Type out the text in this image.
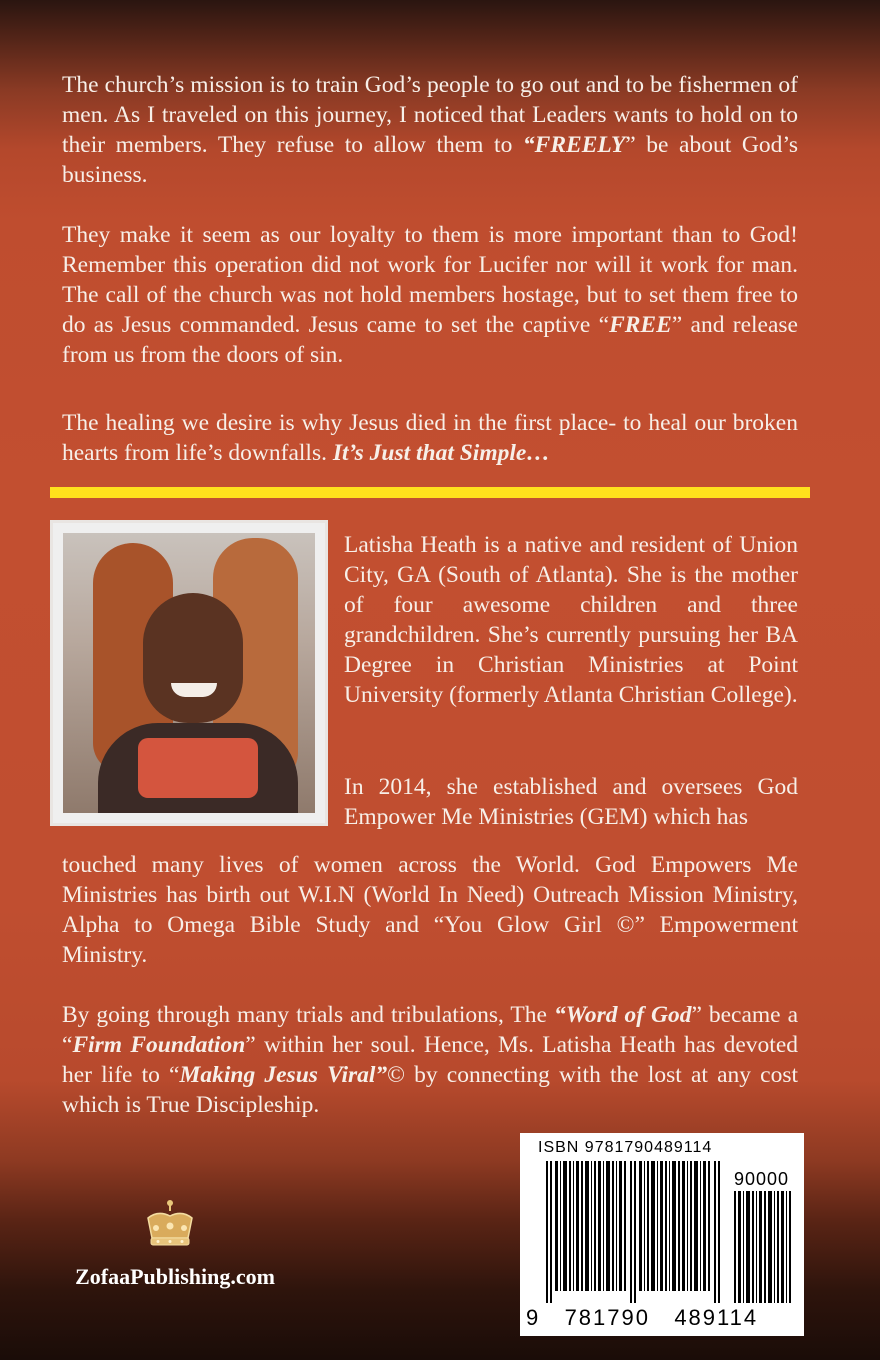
The church’s mission is to train God’s people to go out and to be fishermen of men. As I traveled on this journey, I noticed that Leaders wants to hold on to their members. They refuse to allow them to “FREELY” be about God’s business.

They make it seem as our loyalty to them is more important than to God! Remember this operation did not work for Lucifer nor will it work for man. The call of the church was not hold members hostage, but to set them free to do as Jesus commanded. Jesus came to set the captive “FREE” and release from us from the doors of sin.

The healing we desire is why Jesus died in the first place- to heal our broken hearts from life’s downfalls. It’s Just that Simple…

Latisha Heath is a native and resident of Union City, GA (South of Atlanta). She is the mother of four awesome children and three grandchildren. She’s currently pursuing her BA Degree in Christian Ministries at Point University (formerly Atlanta Christian College).

In 2014, she established and oversees God Empower Me Ministries (GEM) which has

touched many lives of women across the World. God Empowers Me Ministries has birth out W.I.N (World In Need) Outreach Mission Ministry, Alpha to Omega Bible Study and “You Glow Girl ©” Empowerment Ministry.

By going through many trials and tribulations, The “Word of God” became a “Firm Foundation” within her soul. Hence, Ms. Latisha Heath has devoted her life to “Making Jesus Viral”© by connecting with the lost at any cost which is True Discipleship.

ISBN 9781790489114
90000
9   781790   489114
ZofaaPublishing.com
